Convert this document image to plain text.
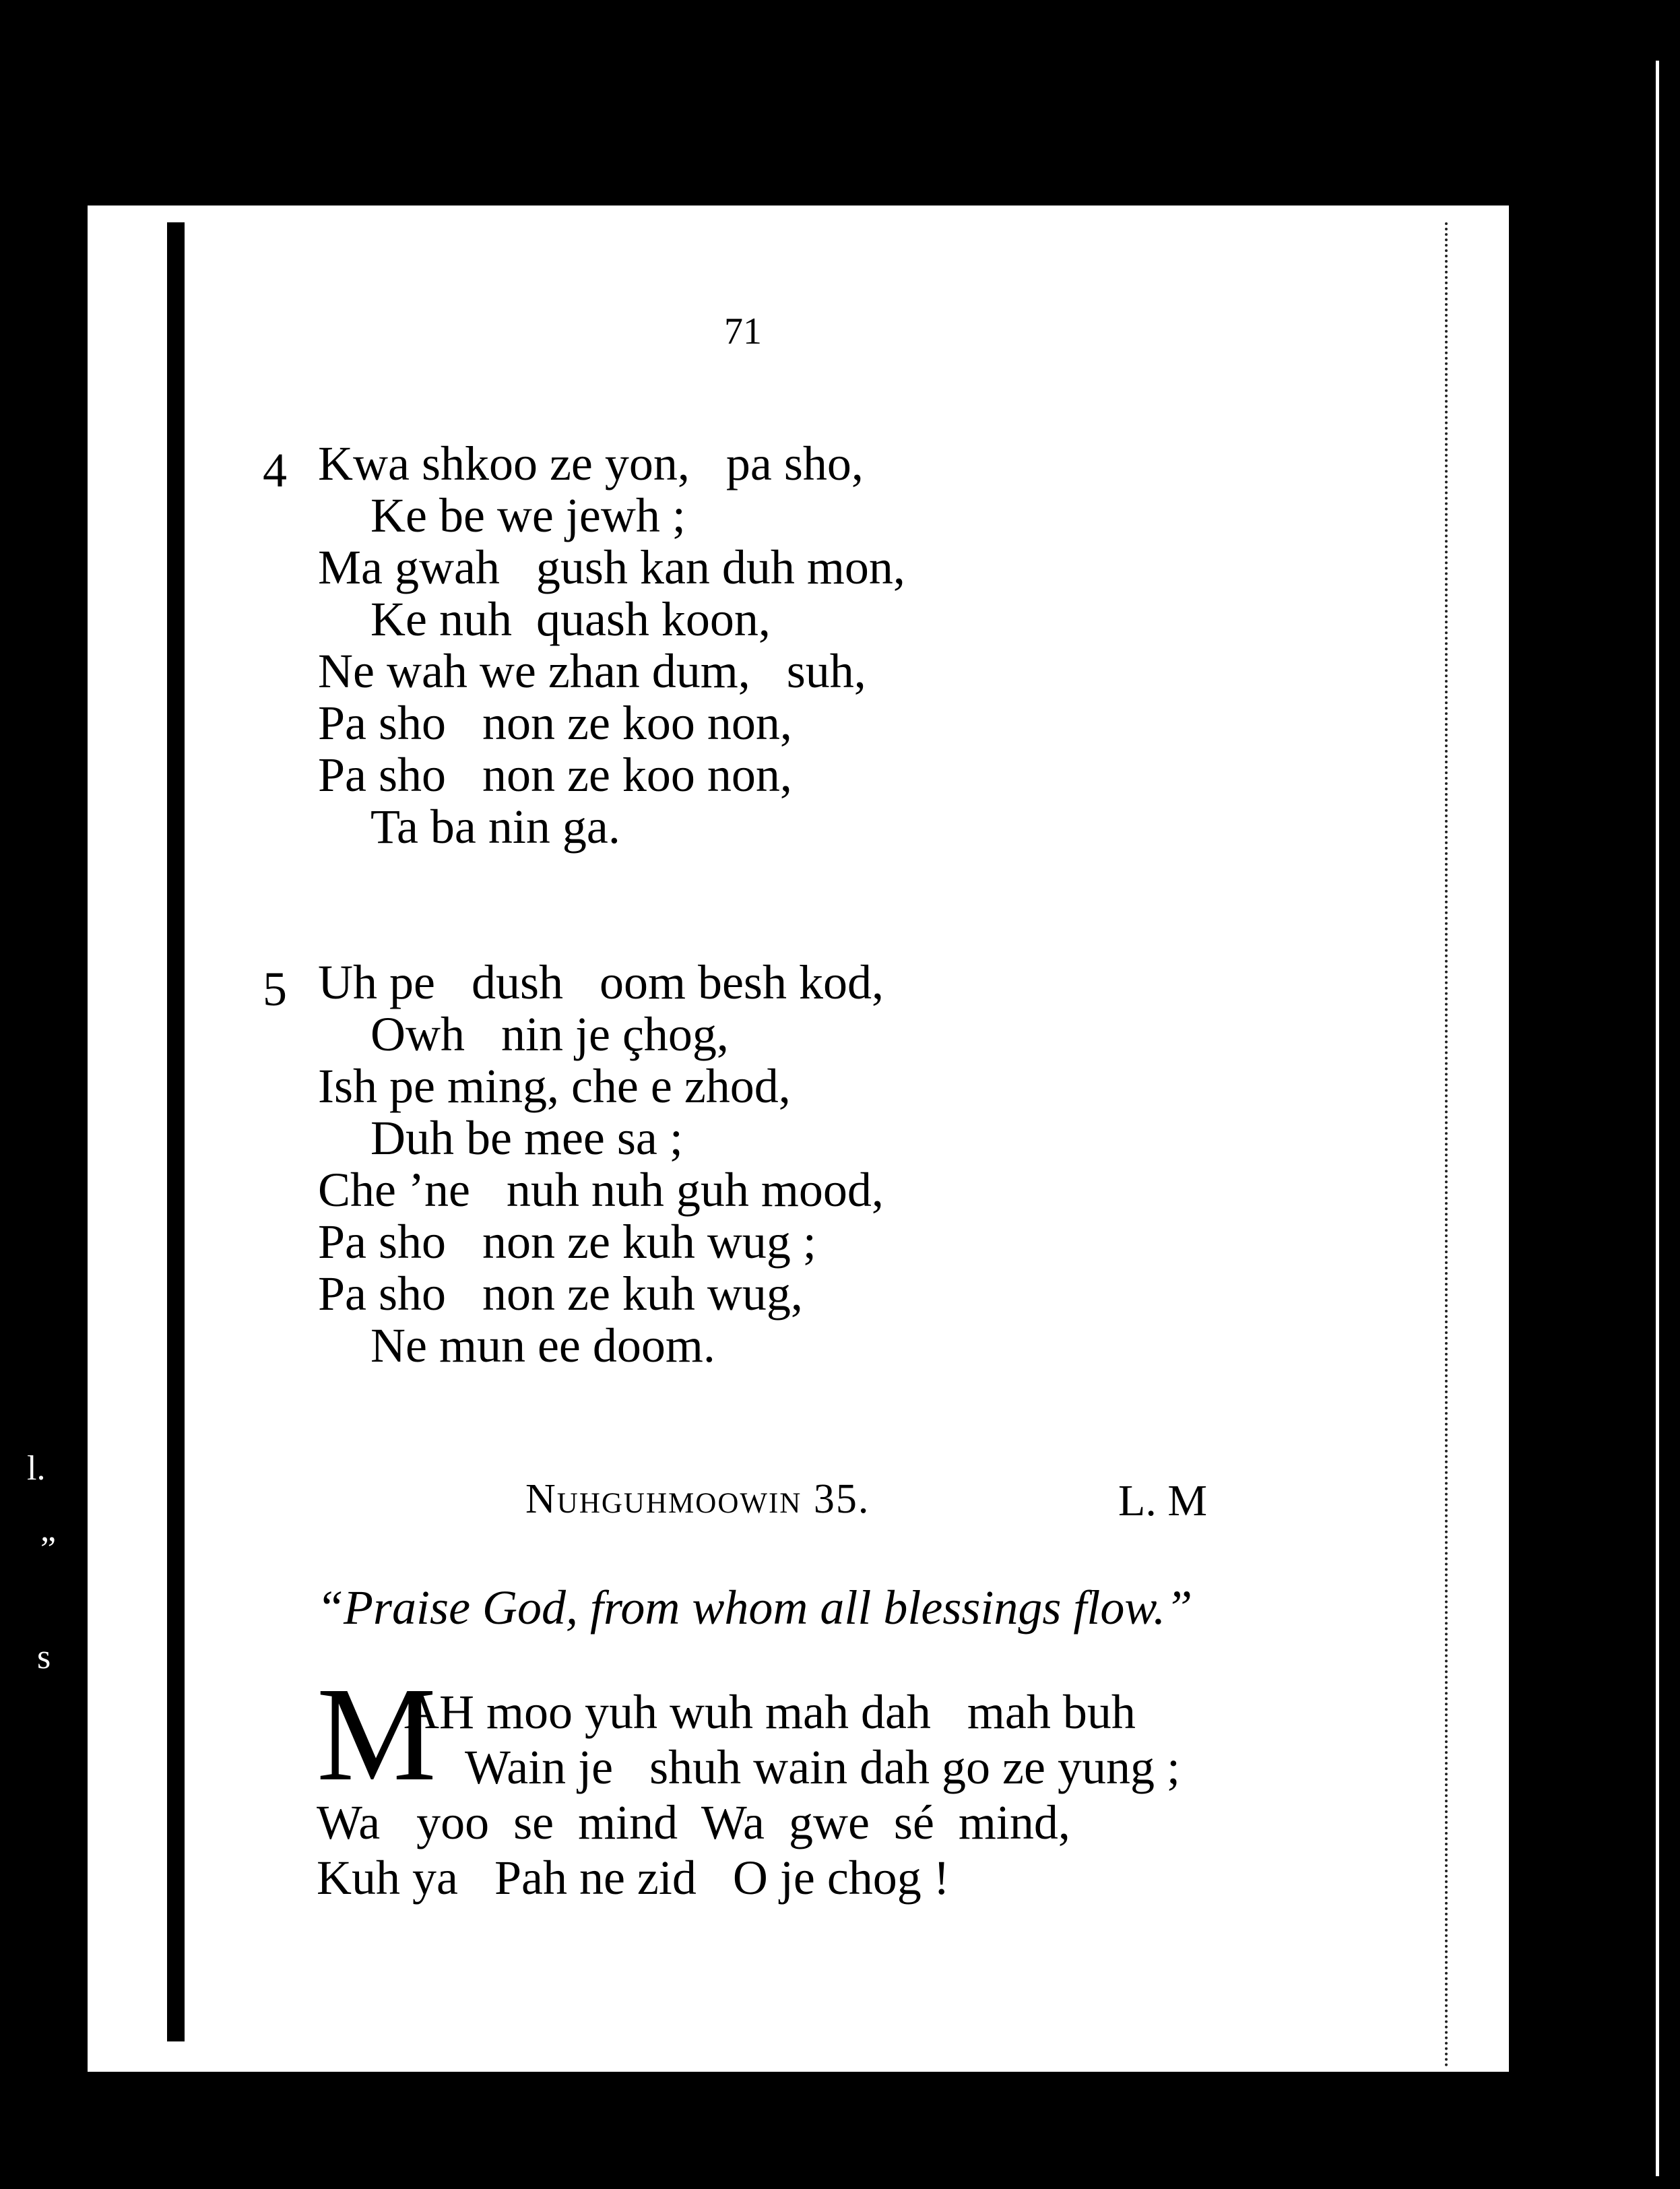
l.
”
s
71
4 Kwa shkoo ze yon,   pa sho,
Ke be we jewh ;
Ma gwah   gush kan duh mon,
Ke nuh  quash koon,
Ne wah we zhan dum,   suh,
Pa sho   non ze koo non,
Pa sho   non ze koo non,
Ta ba nin ga.
5 Uh pe   dush   oom besh kod,
Owh   nin je çhog,
Ish pe ming, che e zhod,
Duh be mee sa ;
Che ’ne   nuh nuh guh mood,
Pa sho   non ze kuh wug ;
Pa sho   non ze kuh wug,
Ne mun ee doom.
Nuhguhmoowin 35.	L. M
“Praise God, from whom all blessings flow.”
M
AH moo yuh wuh mah dah   mah buh
Wain je   shuh wain dah go ze yung ;
Wa   yoo  se  mind  Wa  gwe  sé  mind,
Kuh ya   Pah ne zid   O je chog !
